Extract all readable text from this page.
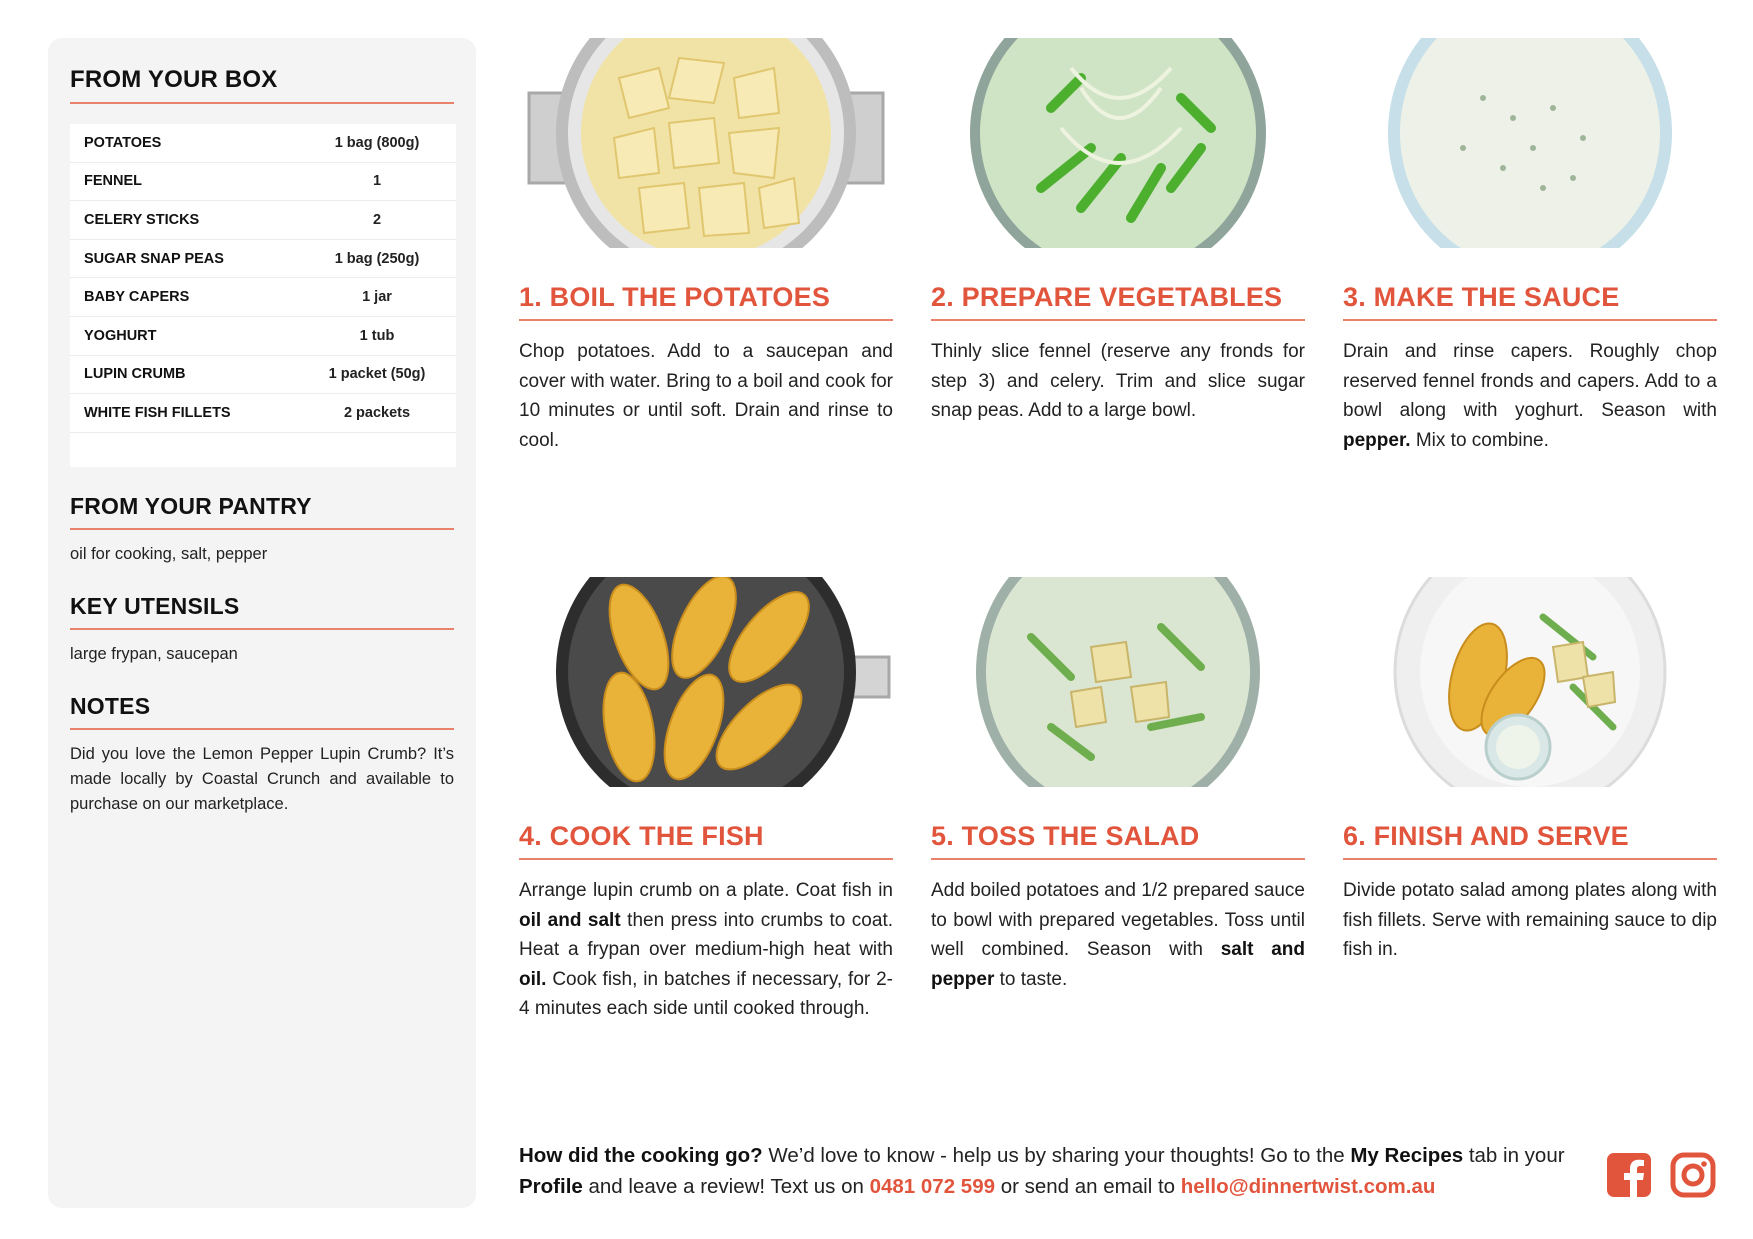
FROM YOUR BOX
POTATOES	1 bag (800g)
FENNEL	1
CELERY STICKS	2
SUGAR SNAP PEAS	1 bag (250g)
BABY CAPERS	1 jar
YOGHURT	1 tub
LUPIN CRUMB	1 packet (50g)
WHITE FISH FILLETS	2 packets
FROM YOUR PANTRY
oil for cooking, salt, pepper
KEY UTENSILS
large frypan, saucepan
NOTES
Did you love the Lemon Pepper Lupin Crumb? It’s made locally by Coastal Crunch and available to purchase on our marketplace.
1. BOIL THE POTATOES
Chop potatoes. Add to a saucepan and cover with water. Bring to a boil and cook for 10 minutes or until soft. Drain and rinse to cool.
2. PREPARE VEGETABLES
Thinly slice fennel (reserve any fronds for step 3) and celery. Trim and slice sugar snap peas. Add to a large bowl.
3. MAKE THE SAUCE
Drain and rinse capers. Roughly chop reserved fennel fronds and capers. Add to a bowl along with yoghurt. Season with pepper. Mix to combine.
4. COOK THE FISH
Arrange lupin crumb on a plate. Coat fish in oil and salt then press into crumbs to coat. Heat a frypan over medium-high heat with oil. Cook fish, in batches if necessary, for 2-4 minutes each side until cooked through.
5. TOSS THE SALAD
Add boiled potatoes and 1/2 prepared sauce to bowl with prepared vegetables. Toss until well combined. Season with salt and pepper to taste.
6. FINISH AND SERVE
Divide potato salad among plates along with fish fillets. Serve with remaining sauce to dip fish in.
How did the cooking go? We’d love to know - help us by sharing your thoughts! Go to the My Recipes tab in your Profile and leave a review! Text us on 0481 072 599 or send an email to hello@dinnertwist.com.au
